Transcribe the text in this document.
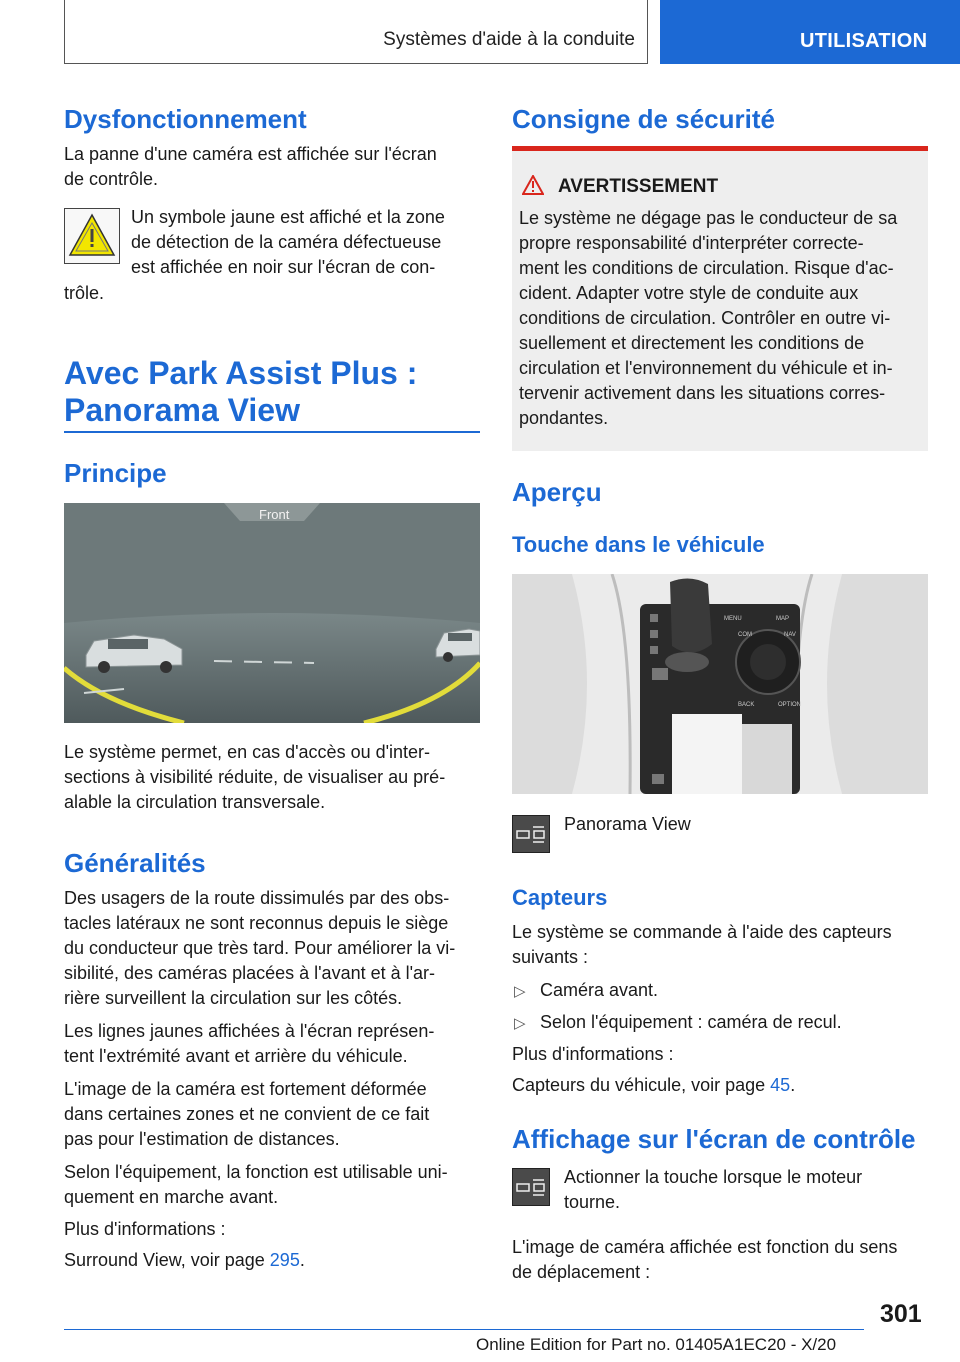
Systèmes d'aide à la conduite	UTILISATION
Dysfonctionnement

La panne d'une caméra est affichée sur l'écran

de contrôle.

Un symbole jaune est affiché et la zone

de détection de la caméra défectueuse

est affichée en noir sur l'écran de con-

trôle.

Avec Park Assist Plus :
Panorama View
Principe
Front

Le système permet, en cas d'accès ou d'inter-

sections à visibilité réduite, de visualiser au pré-

alable la circulation transversale.

Généralités

Des usagers de la route dissimulés par des obs-

tacles latéraux ne sont reconnus depuis le siège

du conducteur que très tard. Pour améliorer la vi-

sibilité, des caméras placées à l'avant et à l'ar-

rière surveillent la circulation sur les côtés.

Les lignes jaunes affichées à l'écran représen-

tent l'extrémité avant et arrière du véhicule.

L'image de la caméra est fortement déformée

dans certaines zones et ne convient de ce fait

pas pour l'estimation de distances.

Selon l'équipement, la fonction est utilisable uni-

quement en marche avant.

Plus d'informations :

Surround View, voir page 295.

Consigne de sécurité
AVERTISSEMENT

Le système ne dégage pas le conducteur de sa

propre responsabilité d'interpréter correcte-

ment les conditions de circulation. Risque d'ac-

cident. Adapter votre style de conduite aux

conditions de circulation. Contrôler en outre vi-

suellement et directement les conditions de

circulation et l'environnement du véhicule et in-

tervenir activement dans les situations corres-

pondantes.

Aperçu
Touche dans le véhicule
MENU	MAP
COM	NAV
BACK	OPTION

Panorama View

Capteurs

Le système se commande à l'aide des capteurs

suivants :

▷ Caméra avant.

▷ Selon l'équipement : caméra de recul.

Plus d'informations :

Capteurs du véhicule, voir page 45.

Affichage sur l'écran de contrôle

Actionner la touche lorsque le moteur

tourne.

L'image de caméra affichée est fonction du sens

de déplacement :

301
Online Edition for Part no. 01405A1EC20 - X/20
